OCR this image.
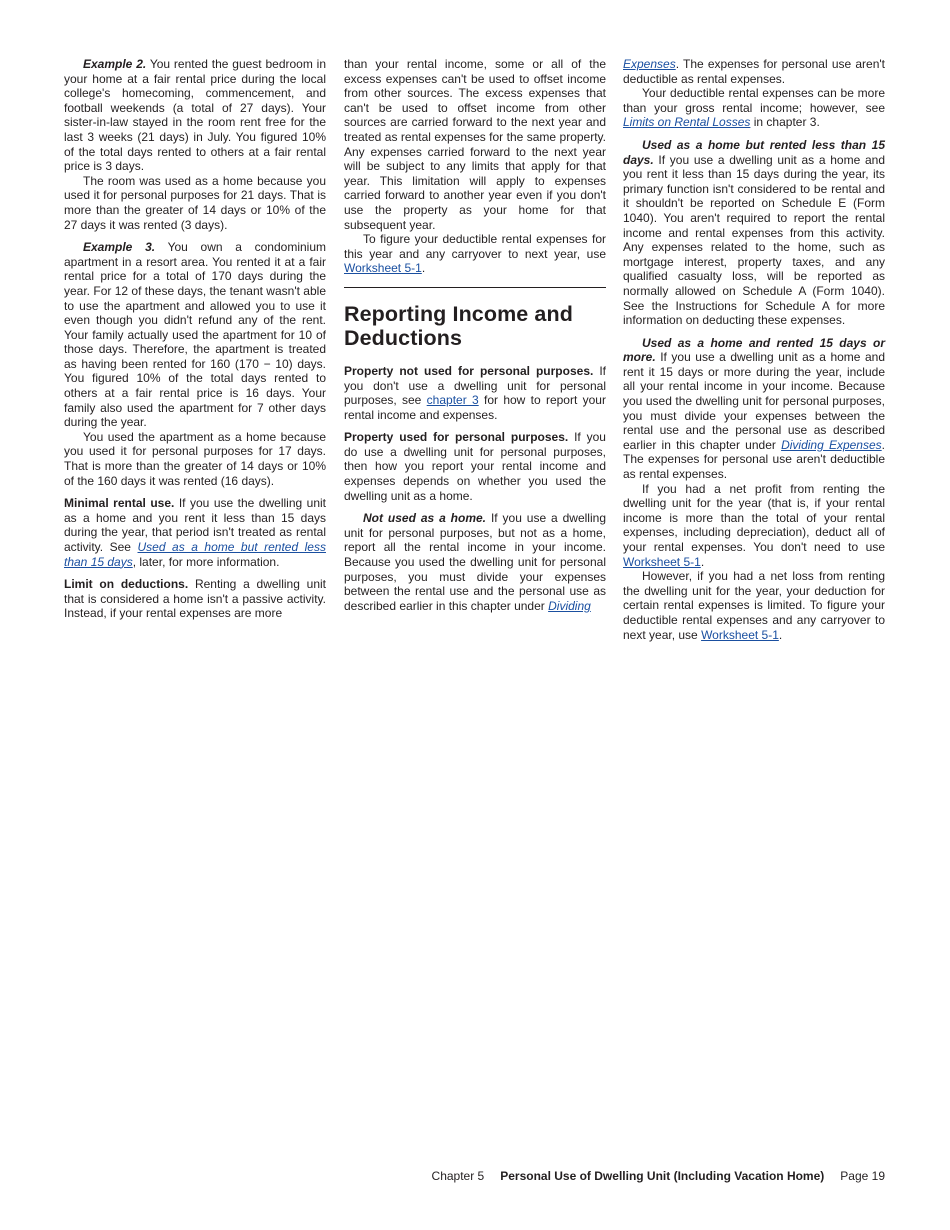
Example 2. You rented the guest bedroom in your home at a fair rental price during the local college's homecoming, commencement, and football weekends (a total of 27 days). Your sister-in-law stayed in the room rent free for the last 3 weeks (21 days) in July. You figured 10% of the total days rented to others at a fair rental price is 3 days.

The room was used as a home because you used it for personal purposes for 21 days. That is more than the greater of 14 days or 10% of the 27 days it was rented (3 days).

Example 3. You own a condominium apartment in a resort area. You rented it at a fair rental price for a total of 170 days during the year. For 12 of these days, the tenant wasn't able to use the apartment and allowed you to use it even though you didn't refund any of the rent. Your family actually used the apartment for 10 of those days. Therefore, the apartment is treated as having been rented for 160 (170 − 10) days. You figured 10% of the total days rented to others at a fair rental price is 16 days. Your family also used the apartment for 7 other days during the year.

You used the apartment as a home because you used it for personal purposes for 17 days. That is more than the greater of 14 days or 10% of the 160 days it was rented (16 days).

Minimal rental use. If you use the dwelling unit as a home and you rent it less than 15 days during the year, that period isn't treated as rental activity. See Used as a home but rented less than 15 days, later, for more information.

Limit on deductions. Renting a dwelling unit that is considered a home isn't a passive activity. Instead, if your rental expenses are more

than your rental income, some or all of the excess expenses can't be used to offset income from other sources. The excess expenses that can't be used to offset income from other sources are carried forward to the next year and treated as rental expenses for the same property. Any expenses carried forward to the next year will be subject to any limits that apply for that year. This limitation will apply to expenses carried forward to another year even if you don't use the property as your home for that subsequent year.

To figure your deductible rental expenses for this year and any carryover to next year, use Worksheet 5-1.

Reporting Income and Deductions

Property not used for personal purposes. If you don't use a dwelling unit for personal purposes, see chapter 3 for how to report your rental income and expenses.

Property used for personal purposes. If you do use a dwelling unit for personal purposes, then how you report your rental income and expenses depends on whether you used the dwelling unit as a home.

Not used as a home. If you use a dwelling unit for personal purposes, but not as a home, report all the rental income in your income. Because you used the dwelling unit for personal purposes, you must divide your expenses between the rental use and the personal use as described earlier in this chapter under Dividing

Expenses. The expenses for personal use aren't deductible as rental expenses.

Your deductible rental expenses can be more than your gross rental income; however, see Limits on Rental Losses in chapter 3.

Used as a home but rented less than 15 days. If you use a dwelling unit as a home and you rent it less than 15 days during the year, its primary function isn't considered to be rental and it shouldn't be reported on Schedule E (Form 1040). You aren't required to report the rental income and rental expenses from this activity. Any expenses related to the home, such as mortgage interest, property taxes, and any qualified casualty loss, will be reported as normally allowed on Schedule A (Form 1040). See the Instructions for Schedule A for more information on deducting these expenses.

Used as a home and rented 15 days or more. If you use a dwelling unit as a home and rent it 15 days or more during the year, include all your rental income in your income. Because you used the dwelling unit for personal purposes, you must divide your expenses between the rental use and the personal use as described earlier in this chapter under Dividing Expenses. The expenses for personal use aren't deductible as rental expenses.

If you had a net profit from renting the dwelling unit for the year (that is, if your rental income is more than the total of your rental expenses, including depreciation), deduct all of your rental expenses. You don't need to use Worksheet 5-1.

However, if you had a net loss from renting the dwelling unit for the year, your deduction for certain rental expenses is limited. To figure your deductible rental expenses and any carryover to next year, use Worksheet 5-1.

Chapter 5 Personal Use of Dwelling Unit (Including Vacation Home) Page 19
